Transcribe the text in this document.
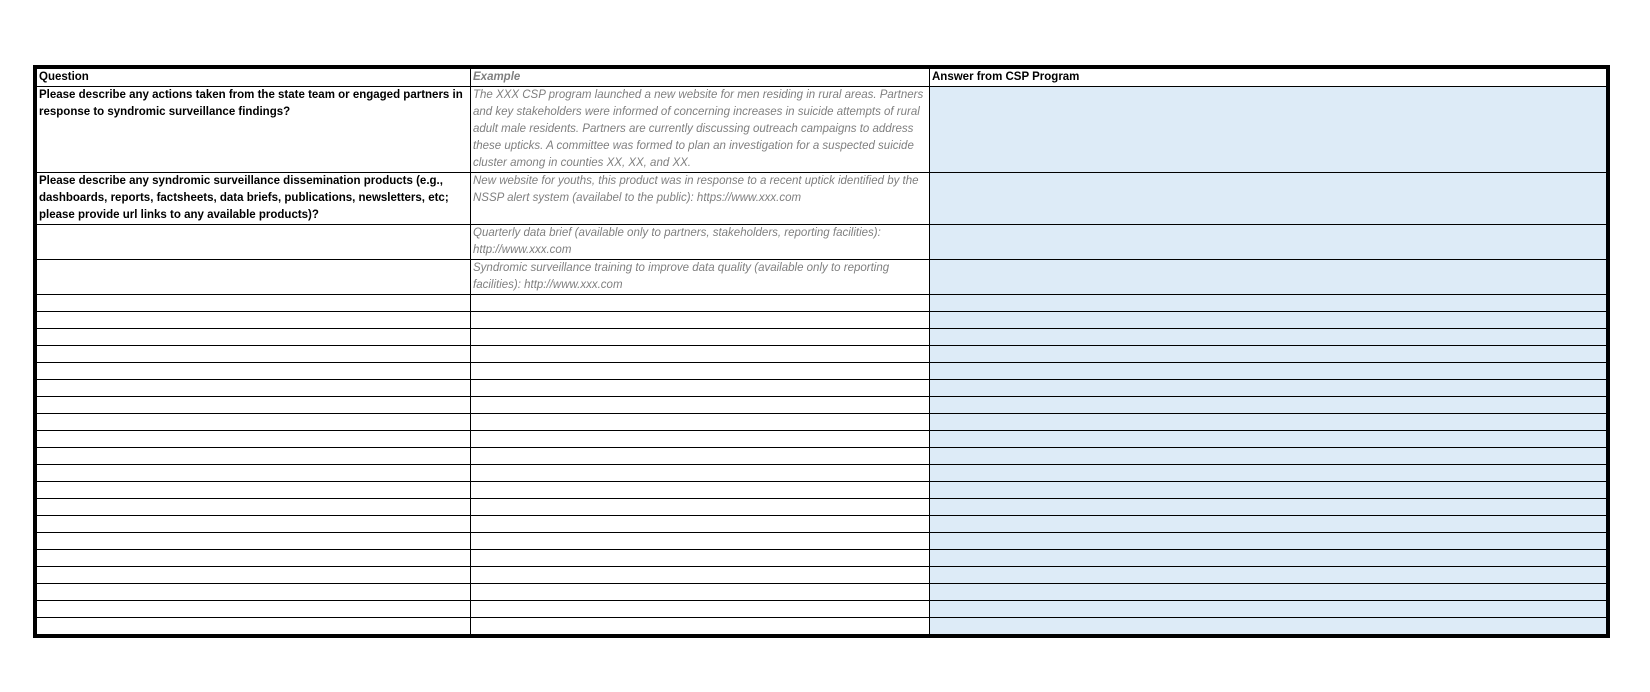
Question	Example	Answer from CSP Program
Please describe any actions taken from the state team or engaged partners in response to syndromic surveillance findings?	The XXX CSP program launched a new website for men residing in rural areas. Partners and key stakeholders were informed of concerning increases in suicide attempts of rural adult male residents. Partners are currently discussing outreach campaigns to address these upticks. A committee was formed to plan an investigation for a suspected suicide cluster among in counties XX, XX, and XX.	
Please describe any syndromic surveillance dissemination products (e.g., dashboards, reports, factsheets, data briefs, publications, newsletters, etc; please provide url links to any available products)?	New website for youths, this product was in response to a recent uptick identified by the NSSP alert system (availabel to the public): https://www.xxx.com	
	Quarterly data brief (available only to partners, stakeholders, reporting facilities): http://www.xxx.com	
	Syndromic surveillance training to improve data quality (available only to reporting facilities): http://www.xxx.com	
